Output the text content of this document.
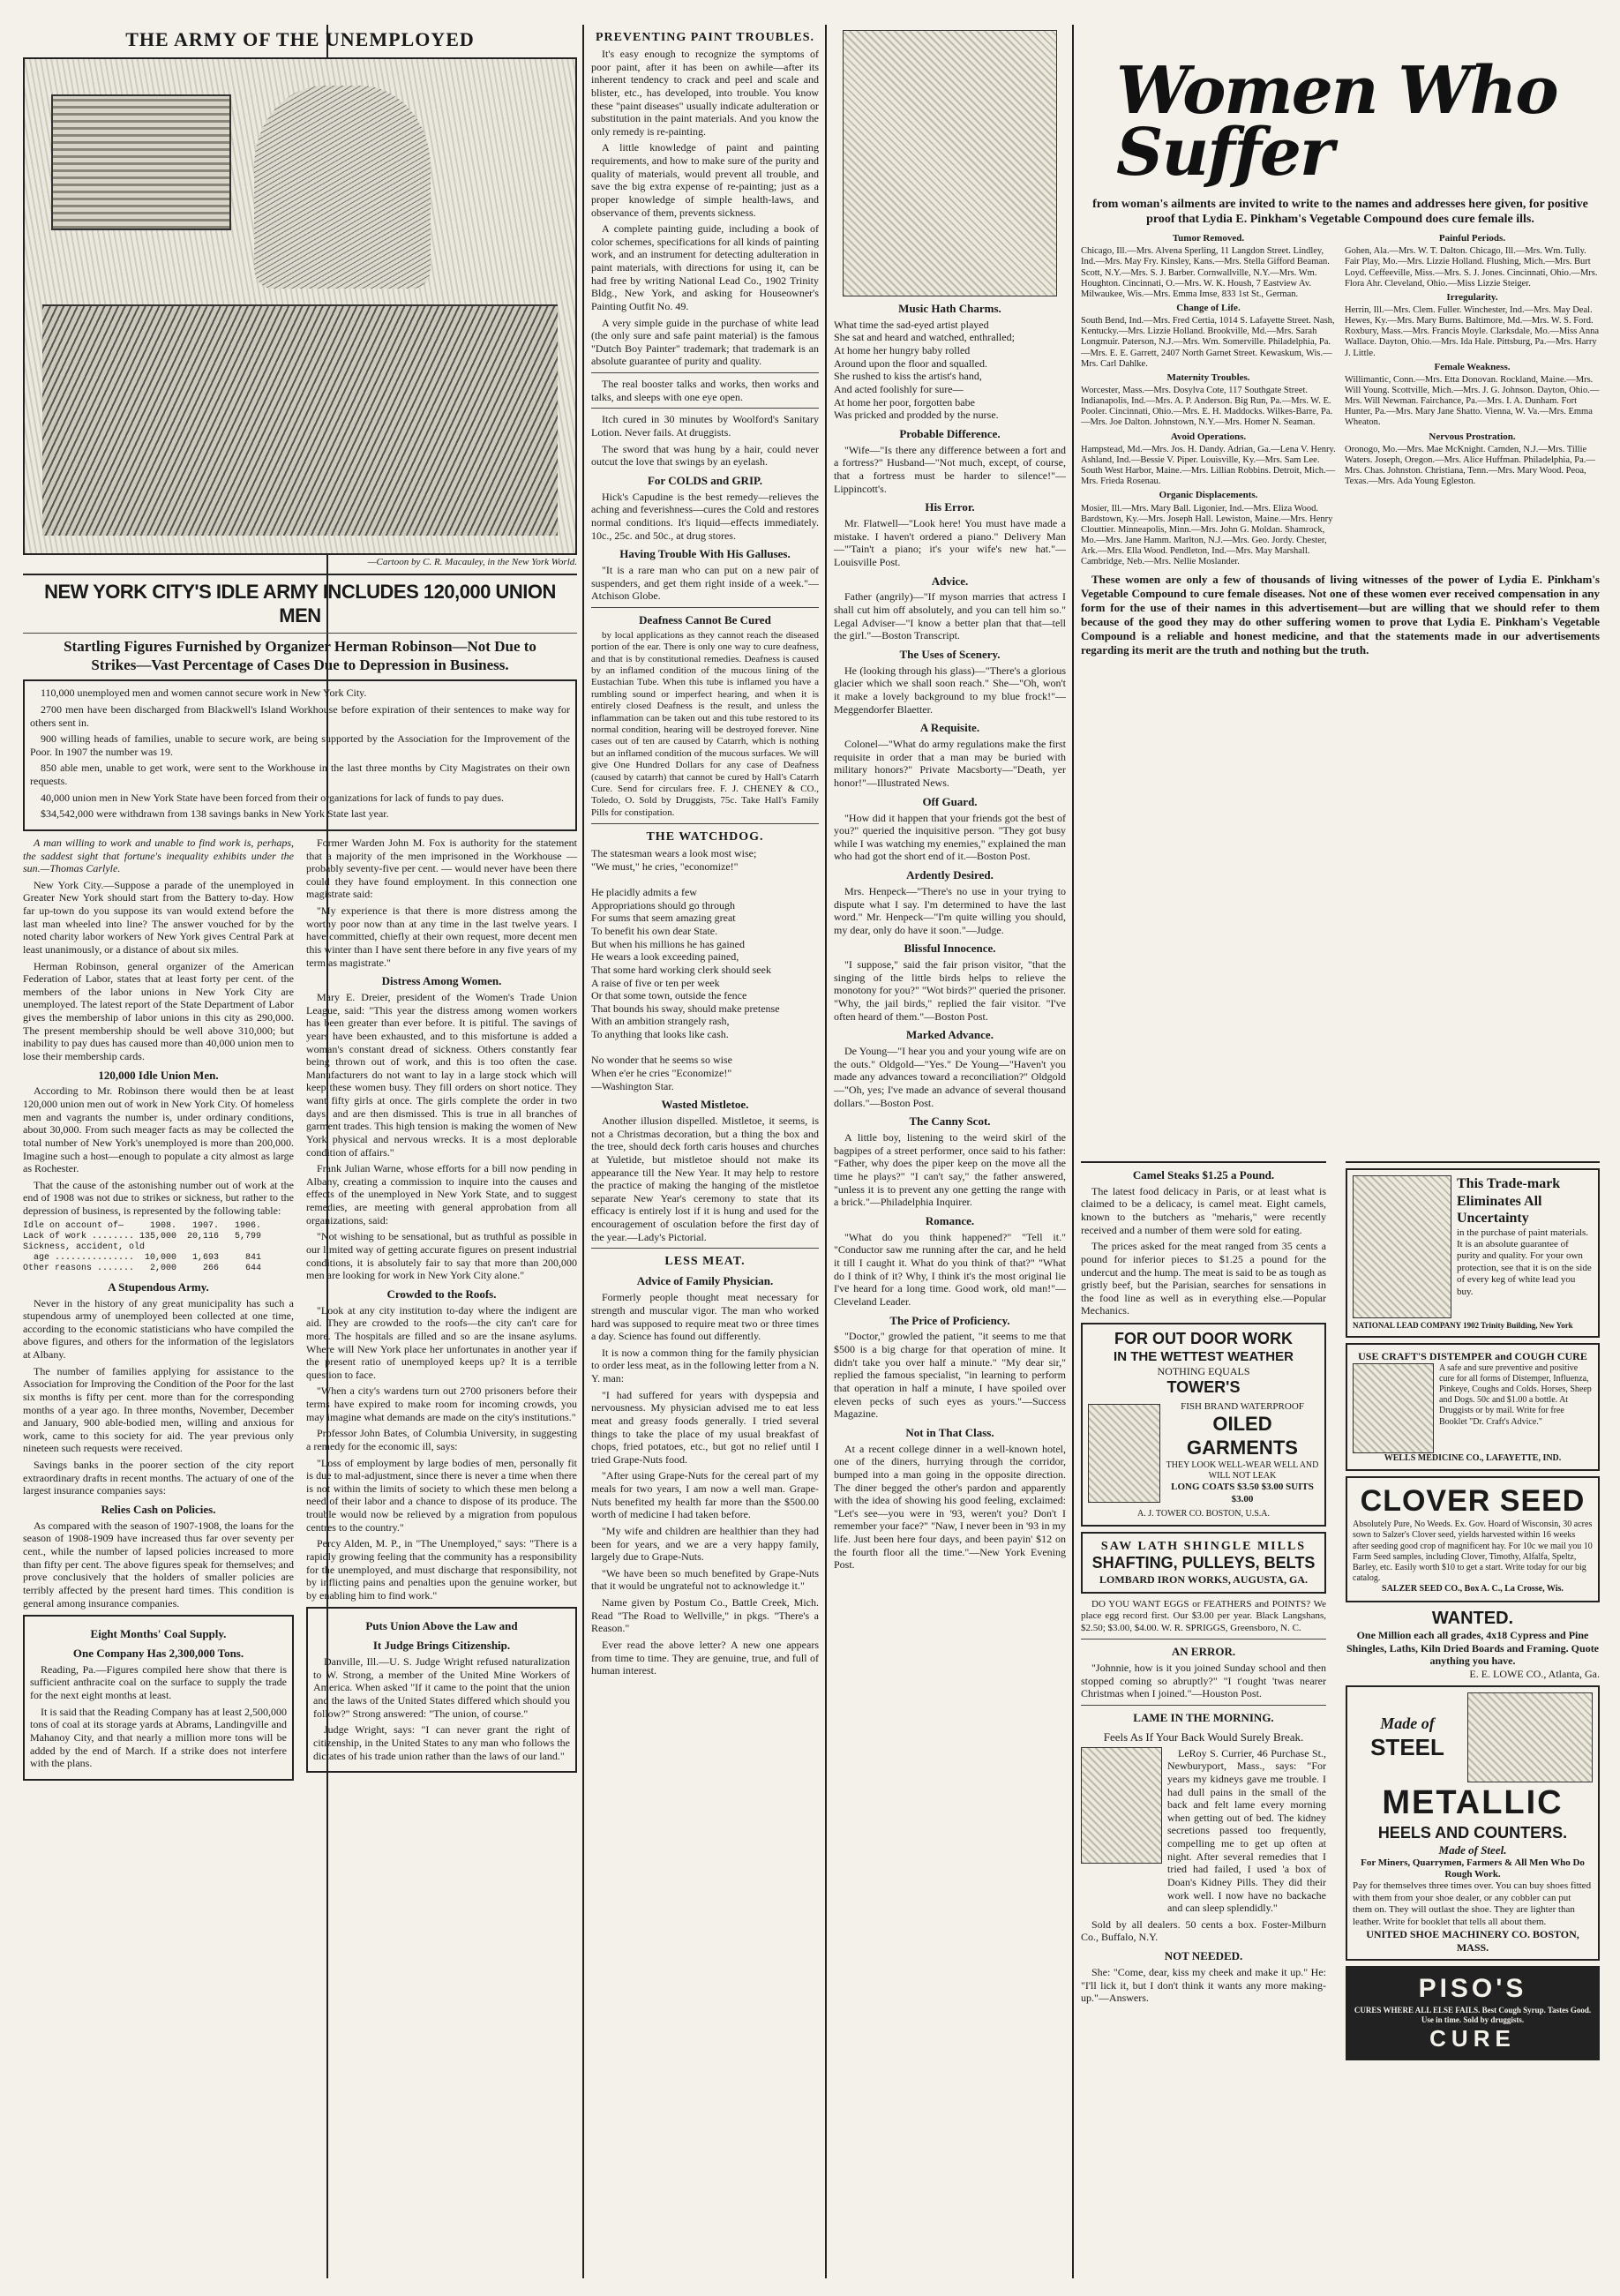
THE ARMY OF THE UNEMPLOYED
—Cartoon by C. R. Macauley, in the New York World.
NEW YORK CITY'S IDLE ARMY INCLUDES 120,000 UNION MEN
Startling Figures Furnished by Organizer Herman Robinson—Not Due to Strikes—Vast Percentage of Cases Due to Depression in Business.

110,000 unemployed men and women cannot secure work in New York City.

2700 men have been discharged from Blackwell's Island Workhouse before expiration of their sentences to make way for others sent in.

900 willing heads of families, unable to secure work, are being supported by the Association for the Improvement of the Poor. In 1907 the number was 19.

850 able men, unable to get work, were sent to the Workhouse in the last three months by City Magistrates on their own requests.

40,000 union men in New York State have been forced from their organizations for lack of funds to pay dues.

$34,542,000 were withdrawn from 138 savings banks in New York State last year.

A man willing to work and unable to find work is, perhaps, the saddest sight that fortune's inequality exhibits under the sun.—Thomas Carlyle.

New York City.—Suppose a parade of the unemployed in Greater New York should start from the Battery to-day. How far up-town do you suppose its van would extend before the last man wheeled into line? The answer vouched for by the noted charity labor workers of New York gives Central Park at least unanimously, or a distance of about six miles.

Herman Robinson, general organizer of the American Federation of Labor, states that at least forty per cent. of the members of the labor unions in New York City are unemployed. The latest report of the State Department of Labor gives the membership of labor unions in this city as 290,000. The present membership should be well above 310,000; but inability to pay dues has caused more than 40,000 union men to lose their membership cards.

120,000 Idle Union Men.

According to Mr. Robinson there would then be at least 120,000 union men out of work in New York City. Of homeless men and vagrants the number is, under ordinary conditions, about 30,000. From such meager facts as may be collected the total number of New York's unemployed is more than 200,000. Imagine such a host—enough to populate a city almost as large as Rochester.

That the cause of the astonishing number out of work at the end of 1908 was not due to strikes or sickness, but rather to the depression of business, is represented by the following table:

Idle on account of—     1908.   1907.   1906.
Lack of work ........ 135,000  20,116   5,799
Sickness, accident, old
age ...............  10,000   1,693     841
Other reasons .......   2,000     266     644
A Stupendous Army.

Never in the history of any great municipality has such a stupendous army of unemployed been collected at one time, according to the economic statisticians who have compiled the above figures, and others for the information of the legislators at Albany.

The number of families applying for assistance to the Association for Improving the Condition of the Poor for the last six months is fifty per cent. more than for the corresponding months of a year ago. In three months, November, December and January, 900 able-bodied men, willing and anxious for work, came to this society for aid. The year previous only nineteen such requests were received.

Savings banks in the poorer section of the city report extraordinary drafts in recent months. The actuary of one of the largest insurance companies says:

Relies Cash on Policies.

As compared with the season of 1907-1908, the loans for the season of 1908-1909 have increased thus far over seventy per cent., while the number of lapsed policies increased to more than fifty per cent. The above figures speak for themselves; and prove conclusively that the holders of smaller policies are terribly affected by the present hard times. This condition is general among insurance companies.

Eight Months' Coal Supply.
One Company Has 2,300,000 Tons.

Reading, Pa.—Figures compiled here show that there is sufficient anthracite coal on the surface to supply the trade for the next eight months at least.

It is said that the Reading Company has at least 2,500,000 tons of coal at its storage yards at Abrams, Landingville and Mahanoy City, and that nearly a million more tons will be added by the end of March. If a strike does not interfere with the plans.

Former Warden John M. Fox is authority for the statement that a majority of the men imprisoned in the Workhouse — probably seventy-five per cent. — would never have been there could they have found employment. In this connection one magistrate said:

"My experience is that there is more distress among the worthy poor now than at any time in the last twelve years. I have committed, chiefly at their own request, more decent men this winter than I have sent there before in any five years of my term as magistrate."

Distress Among Women.

Mary E. Dreier, president of the Women's Trade Union League, said: "This year the distress among women workers has been greater than ever before. It is pitiful. The savings of years have been exhausted, and to this misfortune is added a woman's constant dread of sickness. Others constantly fear being thrown out of work, and this is too often the case. Manufacturers do not want to lay in a large stock which will keep these women busy. They fill orders on short notice. They want fifty girls at once. The girls complete the order in two days, and are then dismissed. This is true in all branches of garment trades. This high tension is making the women of New York physical and nervous wrecks. It is a most deplorable condition of affairs."

Frank Julian Warne, whose efforts for a bill now pending in Albany, creating a commission to inquire into the causes and effects of the unemployed in New York State, and to suggest remedies, are meeting with general approbation from all organizations, said:

"Not wishing to be sensational, but as truthful as possible in our limited way of getting accurate figures on present industrial conditions, it is absolutely fair to say that more than 200,000 men are looking for work in New York City alone."

Crowded to the Roofs.

"Look at any city institution to-day where the indigent are aid. They are crowded to the roofs—the city can't care for more. The hospitals are filled and so are the insane asylums. Where will New York place her unfortunates in another year if the present ratio of unemployed keeps up? It is a terrible question to face.

"When a city's wardens turn out 2700 prisoners before their terms have expired to make room for incoming crowds, you may imagine what demands are made on the city's institutions."

Professor John Bates, of Columbia University, in suggesting a remedy for the economic ill, says:

"Loss of employment by large bodies of men, personally fit is due to mal-adjustment, since there is never a time when there is not within the limits of society to which these men belong a need of their labor and a chance to dispose of its produce. The trouble would now be relieved by a migration from populous centres to the country."

Percy Alden, M. P., in "The Unemployed," says: "There is a rapidly growing feeling that the community has a responsibility for the unemployed, and must discharge that responsibility, not by inflicting pains and penalties upon the genuine worker, but by enabling him to find work."

Puts Union Above the Law and
It Judge Brings Citizenship.

Danville, Ill.—U. S. Judge Wright refused naturalization to W. Strong, a member of the United Mine Workers of America. When asked "If it came to the point that the union and the laws of the United States differed which should you follow?" Strong answered: "The union, of course."

Judge Wright, says: "I can never grant the right of citizenship, in the United States to any man who follows the dictates of his trade union rather than the laws of our land."

PREVENTING PAINT TROUBLES.

It's easy enough to recognize the symptoms of poor paint, after it has been on awhile—after its inherent tendency to crack and peel and scale and blister, etc., has developed, into trouble. You know these "paint diseases" usually indicate adulteration or substitution in the paint materials. And you know the only remedy is re-painting.

A little knowledge of paint and painting requirements, and how to make sure of the purity and quality of materials, would prevent all trouble, and save the big extra expense of re-painting; just as a proper knowledge of simple health-laws, and observance of them, prevents sickness.

A complete painting guide, including a book of color schemes, specifications for all kinds of painting work, and an instrument for detecting adulteration in paint materials, with directions for using it, can be had free by writing National Lead Co., 1902 Trinity Bldg., New York, and asking for Houseowner's Painting Outfit No. 49.

A very simple guide in the purchase of white lead (the only sure and safe paint material) is the famous "Dutch Boy Painter" trademark; that trademark is an absolute guarantee of purity and quality.

The real booster talks and works, then works and talks, and sleeps with one eye open.

Itch cured in 30 minutes by Woolford's Sanitary Lotion. Never fails. At druggists.

The sword that was hung by a hair, could never outcut the love that swings by an eyelash.

For COLDS and GRIP.

Hick's Capudine is the best remedy—relieves the aching and feverishness—cures the Cold and restores normal conditions. It's liquid—effects immediately. 10c., 25c. and 50c., at drug stores.

Having Trouble With His Galluses.

"It is a rare man who can put on a new pair of suspenders, and get them right inside of a week."—Atchison Globe.

Deafness Cannot Be Cured

by local applications as they cannot reach the diseased portion of the ear. There is only one way to cure deafness, and that is by constitutional remedies. Deafness is caused by an inflamed condition of the mucous lining of the Eustachian Tube. When this tube is inflamed you have a rumbling sound or imperfect hearing, and when it is entirely closed Deafness is the result, and unless the inflammation can be taken out and this tube restored to its normal condition, hearing will be destroyed forever. Nine cases out of ten are caused by Catarrh, which is nothing but an inflamed condition of the mucous surfaces. We will give One Hundred Dollars for any case of Deafness (caused by catarrh) that cannot be cured by Hall's Catarrh Cure. Send for circulars free. F. J. CHENEY & CO., Toledo, O. Sold by Druggists, 75c. Take Hall's Family Pills for constipation.

THE WATCHDOG.

The statesman wears a look most wise;

"We must," he cries, "economize!"

He placidly admits a few

Appropriations should go through

For sums that seem amazing great

To benefit his own dear State.

But when his millions he has gained

He wears a look exceeding pained,

That some hard working clerk should seek

A raise of five or ten per week

Or that some town, outside the fence

That bounds his sway, should make pretense

With an ambition strangely rash,

To anything that looks like cash.

No wonder that he seems so wise

When e'er he cries "Economize!"

—Washington Star.

Wasted Mistletoe.

Another illusion dispelled. Mistletoe, it seems, is not a Christmas decoration, but a thing the box and the tree, should deck forth caris houses and churches at Yuletide, but mistletoe should not make its appearance till the New Year. It may help to restore the practice of making the hanging of the mistletoe separate New Year's ceremony to state that its efficacy is entirely lost if it is hung and used for the encouragement of osculation before the first day of the year.—Lady's Pictorial.

LESS MEAT.
Advice of Family Physician.

Formerly people thought meat necessary for strength and muscular vigor. The man who worked hard was supposed to require meat two or three times a day. Science has found out differently.

It is now a common thing for the family physician to order less meat, as in the following letter from a N. Y. man:

"I had suffered for years with dyspepsia and nervousness. My physician advised me to eat less meat and greasy foods generally. I tried several things to take the place of my usual breakfast of chops, fried potatoes, etc., but got no relief until I tried Grape-Nuts food.

"After using Grape-Nuts for the cereal part of my meals for two years, I am now a well man. Grape-Nuts benefited my health far more than the $500.00 worth of medicine I had taken before.

"My wife and children are healthier than they had been for years, and we are a very happy family, largely due to Grape-Nuts.

"We have been so much benefited by Grape-Nuts that it would be ungrateful not to acknowledge it."

Name given by Postum Co., Battle Creek, Mich. Read "The Road to Wellville," in pkgs. "There's a Reason."

Ever read the above letter? A new one appears from time to time. They are genuine, true, and full of human interest.

Music Hath Charms.

What time the sad-eyed artist played

She sat and heard and watched, enthralled;

At home her hungry baby rolled

Around upon the floor and squalled.

She rushed to kiss the artist's hand,

And acted foolishly for sure—

At home her poor, forgotten babe

Was pricked and prodded by the nurse.

Probable Difference.

"Wife—"Is there any difference between a fort and a fortress?" Husband—"Not much, except, of course, that a fortress must be harder to silence!"—Lippincott's.

His Error.

Mr. Flatwell—"Look here! You must have made a mistake. I haven't ordered a piano." Delivery Man—"'Tain't a piano; it's your wife's new hat."—Louisville Post.

Advice.

Father (angrily)—"If myson marries that actress I shall cut him off absolutely, and you can tell him so." Legal Adviser—"I know a better plan that that—tell the girl."—Boston Transcript.

The Uses of Scenery.

He (looking through his glass)—"There's a glorious glacier which we shall soon reach." She—"Oh, won't it make a lovely background to my blue frock!"—Meggendorfer Blaetter.

A Requisite.

Colonel—"What do army regulations make the first requisite in order that a man may be buried with military honors?" Private Macsborty—"Death, yer honor!"—Illustrated News.

Off Guard.

"How did it happen that your friends got the best of you?" queried the inquisitive person. "They got busy while I was watching my enemies," explained the man who had got the short end of it.—Boston Post.

Ardently Desired.

Mrs. Henpeck—"There's no use in your trying to dispute what I say. I'm determined to have the last word." Mr. Henpeck—"I'm quite willing you should, my dear, only do have it soon."—Judge.

Blissful Innocence.

"I suppose," said the fair prison visitor, "that the singing of the little birds helps to relieve the monotony for you?" "Wot birds?" queried the prisoner. "Why, the jail birds," replied the fair visitor. "I've often heard of them."—Boston Post.

Marked Advance.

De Young—"I hear you and your young wife are on the outs." Oldgold—"Yes." De Young—"Haven't you made any advances toward a reconciliation?" Oldgold—"Oh, yes; I've made an advance of several thousand dollars."—Boston Post.

The Canny Scot.

A little boy, listening to the weird skirl of the bagpipes of a street performer, once said to his father: "Father, why does the piper keep on the move all the time he plays?" "I can't say," the father answered, "unless it is to prevent any one getting the range with a brick."—Philadelphia Inquirer.

Romance.

"What do you think happened?" "Tell it." "Conductor saw me running after the car, and he held it till I caught it. What do you think of that?" "What do I think of it? Why, I think it's the most original lie I've heard for a long time. Good work, old man!"—Cleveland Leader.

The Price of Proficiency.

"Doctor," growled the patient, "it seems to me that $500 is a big charge for that operation of mine. It didn't take you over half a minute." "My dear sir," replied the famous specialist, "in learning to perform that operation in half a minute, I have spoiled over eleven pecks of such eyes as yours."—Success Magazine.

Not in That Class.

At a recent college dinner in a well-known hotel, one of the diners, hurrying through the corridor, bumped into a man going in the opposite direction. The diner begged the other's pardon and apparently with the idea of showing his good feeling, exclaimed: "Let's see—you were in '93, weren't you? Don't I remember your face?" "Naw, I never been in '93 in my life. Just been here four days, and been payin' $12 on the fourth floor all the time."—New York Evening Post.

Women Who Suffer

from woman's ailments are invited to write to the names and addresses here given, for positive proof that Lydia E. Pinkham's Vegetable Compound does cure female ills.

Tumor Removed.
Chicago, Ill.—Mrs. Alvena Sperling, 11 Langdon Street. Lindley, Ind.—Mrs. May Fry. Kinsley, Kans.—Mrs. Stella Gifford Beaman. Scott, N.Y.—Mrs. S. J. Barber. Cornwallville, N.Y.—Mrs. Wm. Houghton. Cincinnati, O.—Mrs. W. K. Housh, 7 Eastview Av. Milwaukee, Wis.—Mrs. Emma Imse, 833 1st St., German.
Change of Life.
South Bend, Ind.—Mrs. Fred Certia, 1014 S. Lafayette Street. Nash, Kentucky.—Mrs. Lizzie Holland. Brookville, Md.—Mrs. Sarah Longmuir. Paterson, N.J.—Mrs. Wm. Somerville. Philadelphia, Pa.—Mrs. E. E. Garrett, 2407 North Garnet Street. Kewaskum, Wis.—Mrs. Carl Dahlke.
Maternity Troubles.
Worcester, Mass.—Mrs. Dosylva Cote, 117 Southgate Street. Indianapolis, Ind.—Mrs. A. P. Anderson. Big Run, Pa.—Mrs. W. E. Pooler. Cincinnati, Ohio.—Mrs. E. H. Maddocks. Wilkes-Barre, Pa.—Mrs. Joe Dalton. Johnstown, N.Y.—Mrs. Homer N. Seaman.
Avoid Operations.
Hampstead, Md.—Mrs. Jos. H. Dandy. Adrian, Ga.—Lena V. Henry. Ashland, Ind.—Bessie V. Piper. Louisville, Ky.—Mrs. Sam Lee. South West Harbor, Maine.—Mrs. Lillian Robbins. Detroit, Mich.—Mrs. Frieda Rosenau.
Organic Displacements.
Mosier, Ill.—Mrs. Mary Ball. Ligonier, Ind.—Mrs. Eliza Wood. Bardstown, Ky.—Mrs. Joseph Hall. Lewiston, Maine.—Mrs. Henry Clouttier. Minneapolis, Minn.—Mrs. John G. Moldan. Shamrock, Mo.—Mrs. Jane Hamm. Marlton, N.J.—Mrs. Geo. Jordy. Chester, Ark.—Mrs. Ella Wood. Pendleton, Ind.—Mrs. May Marshall. Cambridge, Neb.—Mrs. Nellie Moslander.
Painful Periods.
Gohen, Ala.—Mrs. W. T. Dalton. Chicago, Ill.—Mrs. Wm. Tully. Fair Play, Mo.—Mrs. Lizzie Holland. Flushing, Mich.—Mrs. Burt Loyd. Ceffeeville, Miss.—Mrs. S. J. Jones. Cincinnati, Ohio.—Mrs. Flora Ahr. Cleveland, Ohio.—Miss Lizzie Steiger.
Irregularity.
Herrin, Ill.—Mrs. Clem. Fuller. Winchester, Ind.—Mrs. May Deal. Hewes, Ky.—Mrs. Mary Burns. Baltimore, Md.—Mrs. W. S. Ford. Roxbury, Mass.—Mrs. Francis Moyle. Clarksdale, Mo.—Miss Anna Wallace. Dayton, Ohio.—Mrs. Ida Hale. Pittsburg, Pa.—Mrs. Harry J. Little.
Female Weakness.
Willimantic, Conn.—Mrs. Etta Donovan. Rockland, Maine.—Mrs. Will Young. Scottville, Mich.—Mrs. J. G. Johnson. Dayton, Ohio.—Mrs. Will Newman. Fairchance, Pa.—Mrs. I. A. Dunham. Fort Hunter, Pa.—Mrs. Mary Jane Shatto. Vienna, W. Va.—Mrs. Emma Wheaton.
Nervous Prostration.
Oronogo, Mo.—Mrs. Mae McKnight. Camden, N.J.—Mrs. Tillie Waters. Joseph, Oregon.—Mrs. Alice Huffman. Philadelphia, Pa.—Mrs. Chas. Johnston. Christiana, Tenn.—Mrs. Mary Wood. Peoa, Texas.—Mrs. Ada Young Egleston.

These women are only a few of thousands of living witnesses of the power of Lydia E. Pinkham's Vegetable Compound to cure female diseases. Not one of these women ever received compensation in any form for the use of their names in this advertisement—but are willing that we should refer to them because of the good they may do other suffering women to prove that Lydia E. Pinkham's Vegetable Compound is a reliable and honest medicine, and that the statements made in our advertisements regarding its merit are the truth and nothing but the truth.

Camel Steaks $1.25 a Pound.

The latest food delicacy in Paris, or at least what is claimed to be a delicacy, is camel meat. Eight camels, known to the butchers as "meharis," were recently received and a number of them were sold for eating.

The prices asked for the meat ranged from 35 cents a pound for inferior pieces to $1.25 a pound for the undercut and the hump. The meat is said to be as tough as gristly beef, but the Parisian, searches for sensations in the food line as well as in everything else.—Popular Mechanics.

FOR OUT DOOR WORK
IN THE WETTEST WEATHER
NOTHING EQUALS
TOWER'S
FISH BRAND WATERPROOF
OILED GARMENTS
THEY LOOK WELL-WEAR WELL AND WILL NOT LEAK
LONG COATS $3.50 $3.00 SUITS $3.00
A. J. TOWER CO. BOSTON, U.S.A.
SAW LATH SHINGLE MILLS
SHAFTING, PULLEYS, BELTS
LOMBARD IRON WORKS, AUGUSTA, GA.

DO YOU WANT EGGS or FEATHERS and POINTS? We place egg record first. Our $3.00 per year. Black Langshans, $2.50; $3.00, $4.00. W. R. SPRIGGS, Greensboro, N. C.

AN ERROR.

"Johnnie, how is it you joined Sunday school and then stopped coming so abruptly?" "I t'ought 'twas nearer Christmas when I joined."—Houston Post.

LAME IN THE MORNING.
Feels As If Your Back Would Surely Break.

LeRoy S. Currier, 46 Purchase St., Newburyport, Mass., says: "For years my kidneys gave me trouble. I had dull pains in the small of the back and felt lame every morning when getting out of bed. The kidney secretions passed too frequently, compelling me to get up often at night. After several remedies that I tried had failed, I used 'a box of Doan's Kidney Pills. They did their work well. I now have no backache and can sleep splendidly."

Sold by all dealers. 50 cents a box. Foster-Milburn Co., Buffalo, N.Y.

NOT NEEDED.

She: "Come, dear, kiss my cheek and make it up." He: "I'll lick it, but I don't think it wants any more making-up."—Answers.

This Trade-mark
Eliminates All
Uncertainty
in the purchase of paint materials. It is an absolute guarantee of purity and quality. For your own protection, see that it is on the side of every keg of white lead you buy.
NATIONAL LEAD COMPANY 1902 Trinity Building, New York
USE CRAFT'S DISTEMPER and COUGH CURE
A safe and sure preventive and positive cure for all forms of Distemper, Influenza, Pinkeye, Coughs and Colds. Horses, Sheep and Dogs. 50c and $1.00 a bottle. At Druggists or by mail. Write for free Booklet "Dr. Craft's Advice."
WELLS MEDICINE CO., LAFAYETTE, IND.
CLOVER SEED
Absolutely Pure, No Weeds. Ex. Gov. Hoard of Wisconsin, 30 acres sown to Salzer's Clover seed, yields harvested within 16 weeks after seeding good crop of magnificent hay. For 10c we mail you 10 Farm Seed samples, including Clover, Timothy, Alfalfa, Speltz, Barley, etc. Easily worth $10 to get a start. Write today for our big catalog.
SALZER SEED CO., Box A. C., La Crosse, Wis.
WANTED.
One Million each all grades, 4x18 Cypress and Pine Shingles, Laths, Kiln Dried Boards and Framing. Quote anything you have.
E. E. LOWE CO., Atlanta, Ga.
Made of
STEEL
METALLIC
HEELS AND COUNTERS.
Made of Steel.
For Miners, Quarrymen, Farmers & All Men Who Do Rough Work.
Pay for themselves three times over. You can buy shoes fitted with them from your shoe dealer, or any cobbler can put them on. They will outlast the shoe. They are lighter than leather. Write for booklet that tells all about them.
UNITED SHOE MACHINERY CO. BOSTON, MASS.
PISO'S
CURES WHERE ALL ELSE FAILS. Best Cough Syrup. Tastes Good. Use in time. Sold by druggists.
CURE
